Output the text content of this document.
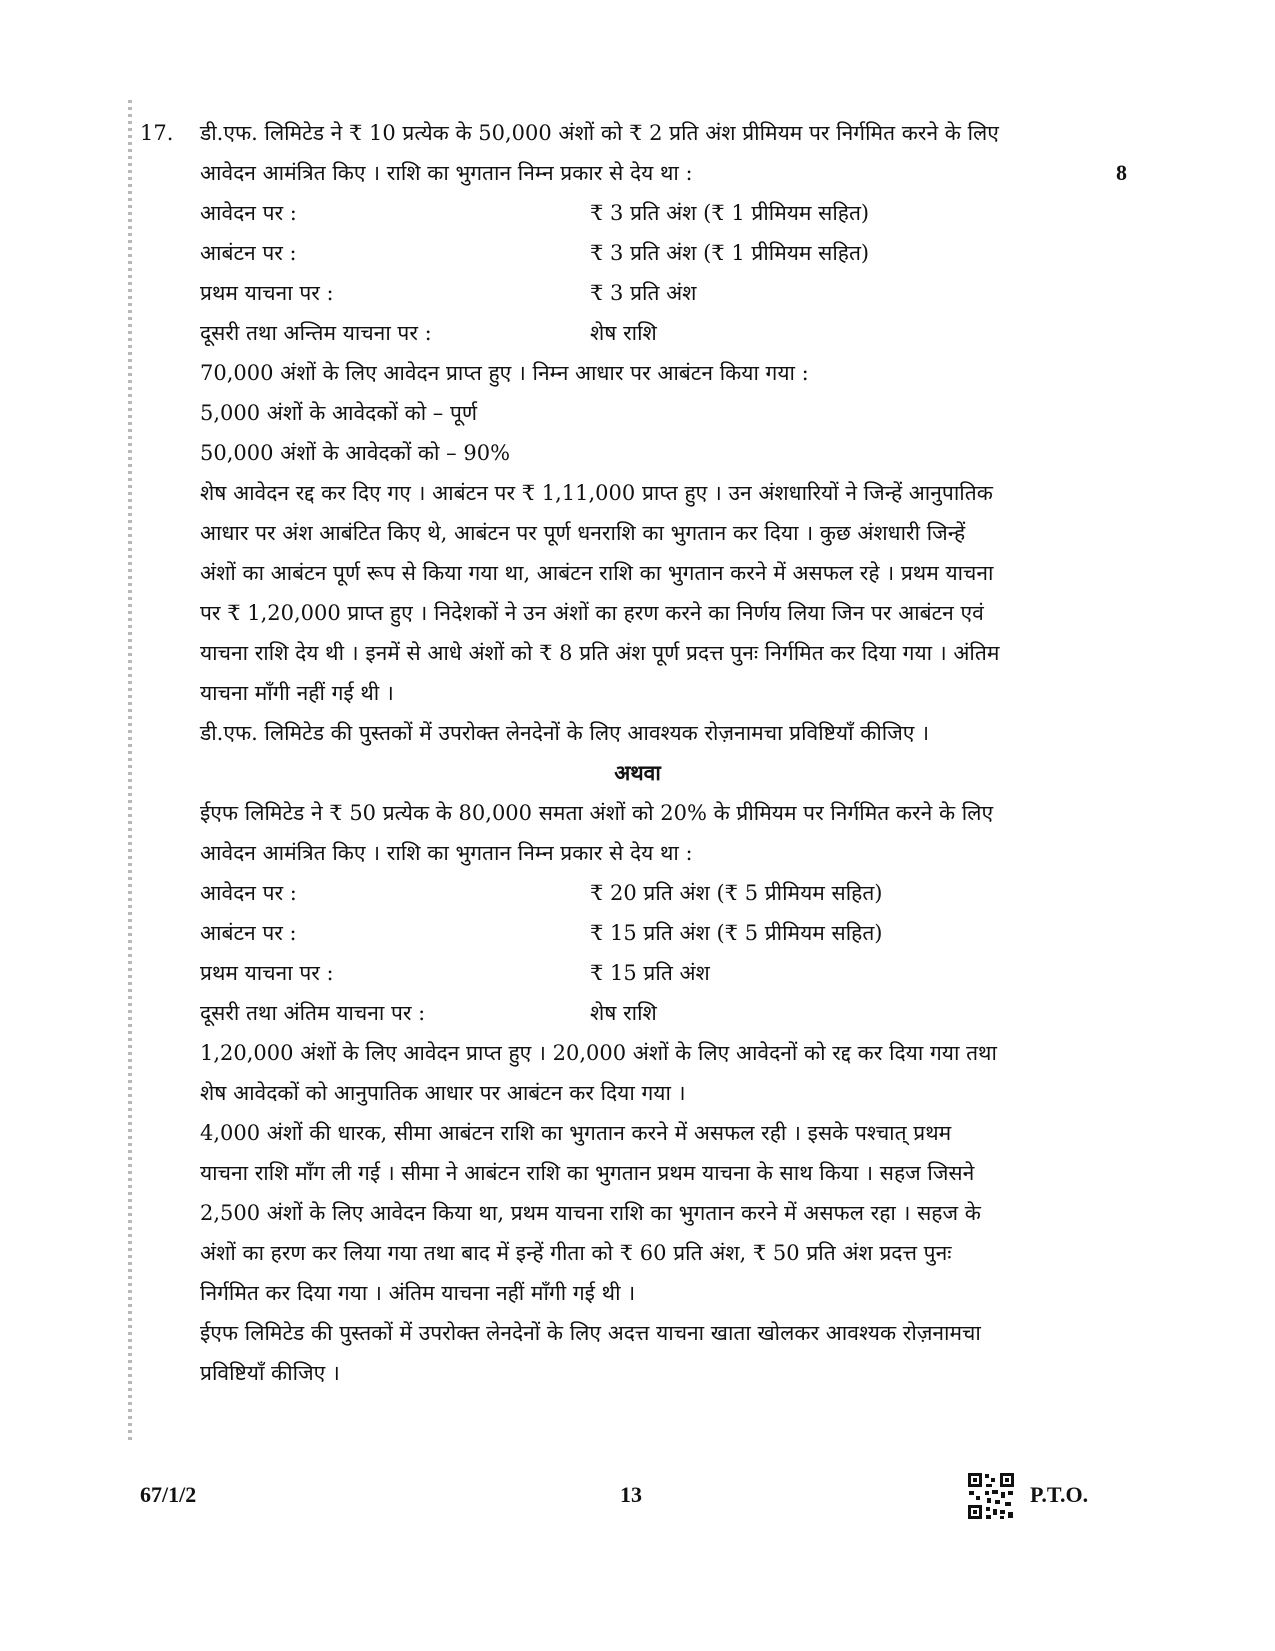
17. डी.एफ. लिमिटेड ने ₹ 10 प्रत्येक के 50,000 अंशों को ₹ 2 प्रति अंश प्रीमियम पर निर्गमित करने के लिए
आवेदन आमंत्रित किए । राशि का भुगतान निम्न प्रकार से देय था :	8
आवेदन पर :	₹ 3 प्रति अंश (₹ 1 प्रीमियम सहित)
आबंटन पर :	₹ 3 प्रति अंश (₹ 1 प्रीमियम सहित)
प्रथम याचना पर :	₹ 3 प्रति अंश
दूसरी तथा अन्तिम याचना पर :	शेष राशि
70,000 अंशों के लिए आवेदन प्राप्त हुए । निम्न आधार पर आबंटन किया गया :
5,000 अंशों के आवेदकों को – पूर्ण
50,000 अंशों के आवेदकों को – 90%
शेष आवेदन रद्द कर दिए गए । आबंटन पर ₹ 1,11,000 प्राप्त हुए । उन अंशधारियों ने जिन्हें आनुपातिक
आधार पर अंश आबंटित किए थे, आबंटन पर पूर्ण धनराशि का भुगतान कर दिया । कुछ अंशधारी जिन्हें
अंशों का आबंटन पूर्ण रूप से किया गया था, आबंटन राशि का भुगतान करने में असफल रहे । प्रथम याचना
पर ₹ 1,20,000 प्राप्त हुए । निदेशकों ने उन अंशों का हरण करने का निर्णय लिया जिन पर आबंटन एवं
याचना राशि देय थी । इनमें से आधे अंशों को ₹ 8 प्रति अंश पूर्ण प्रदत्त पुनः निर्गमित कर दिया गया । अंतिम
याचना माँगी नहीं गई थी ।
डी.एफ. लिमिटेड की पुस्तकों में उपरोक्त लेनदेनों के लिए आवश्यक रोज़नामचा प्रविष्टियाँ कीजिए ।
अथवा
ईएफ लिमिटेड ने ₹ 50 प्रत्येक के 80,000 समता अंशों को 20% के प्रीमियम पर निर्गमित करने के लिए
आवेदन आमंत्रित किए । राशि का भुगतान निम्न प्रकार से देय था :
आवेदन पर :	₹ 20 प्रति अंश (₹ 5 प्रीमियम सहित)
आबंटन पर :	₹ 15 प्रति अंश (₹ 5 प्रीमियम सहित)
प्रथम याचना पर :	₹ 15 प्रति अंश
दूसरी तथा अंतिम याचना पर :	शेष राशि
1,20,000 अंशों के लिए आवेदन प्राप्त हुए । 20,000 अंशों के लिए आवेदनों को रद्द कर दिया गया तथा
शेष आवेदकों को आनुपातिक आधार पर आबंटन कर दिया गया ।
4,000 अंशों की धारक, सीमा आबंटन राशि का भुगतान करने में असफल रही । इसके पश्चात् प्रथम
याचना राशि माँग ली गई । सीमा ने आबंटन राशि का भुगतान प्रथम याचना के साथ किया । सहज जिसने
2,500 अंशों के लिए आवेदन किया था, प्रथम याचना राशि का भुगतान करने में असफल रहा । सहज के
अंशों का हरण कर लिया गया तथा बाद में इन्हें गीता को ₹ 60 प्रति अंश, ₹ 50 प्रति अंश प्रदत्त पुनः
निर्गमित कर दिया गया । अंतिम याचना नहीं माँगी गई थी ।
ईएफ लिमिटेड की पुस्तकों में उपरोक्त लेनदेनों के लिए अदत्त याचना खाता खोलकर आवश्यक रोज़नामचा
प्रविष्टियाँ कीजिए ।
67/1/2	13	P.T.O.
